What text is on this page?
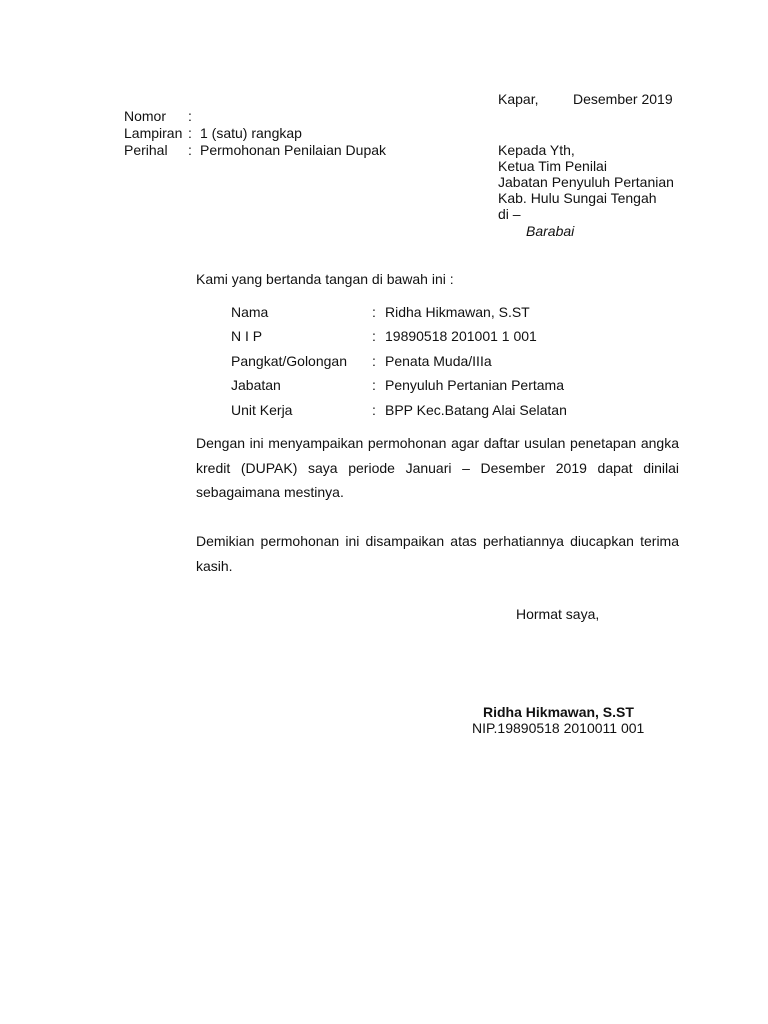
Kapar, Desember 2019
Nomor :
Lampiran : 1 (satu) rangkap
Perihal : Permohonan Penilaian Dupak	Kepada Yth,
Ketua Tim Penilai
Jabatan Penyuluh Pertanian
Kab. Hulu Sungai Tengah
di –
Barabai
Kami yang bertanda tangan di bawah ini :
Nama	: Ridha Hikmawan, S.ST
N I P	: 19890518 201001 1 001
Pangkat/Golongan : Penata Muda/IIIa
Jabatan	: Penyuluh Pertanian Pertama
Unit Kerja	: BPP Kec.Batang Alai Selatan
Dengan ini menyampaikan permohonan agar daftar usulan penetapan angka kredit (DUPAK) saya periode Januari – Desember 2019 dapat dinilai sebagaimana mestinya.
Demikian permohonan ini disampaikan atas perhatiannya diucapkan terima kasih.
Hormat saya,
Ridha Hikmawan, S.ST
NIP.19890518 2010011 001
